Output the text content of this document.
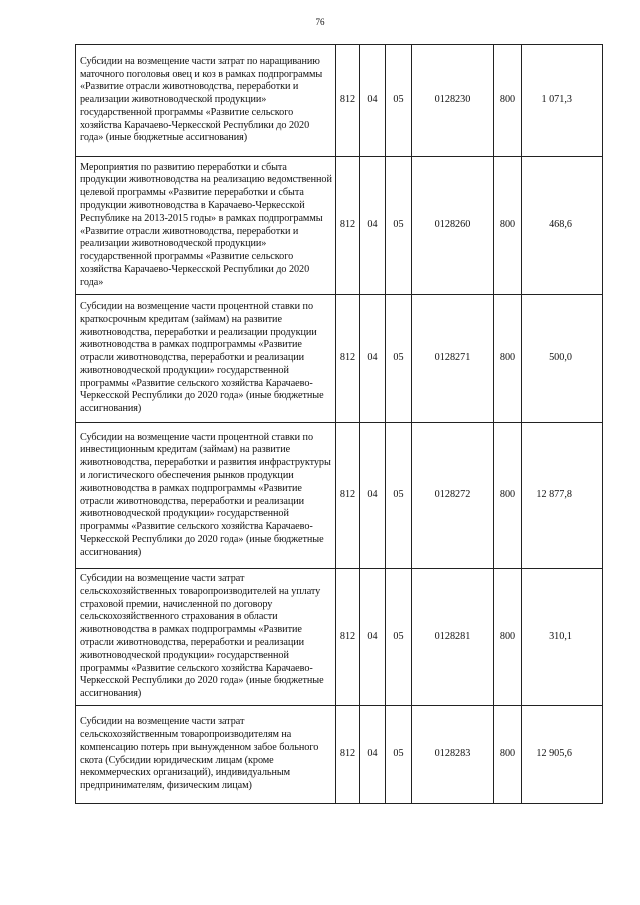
76
Субсидии на возмещение части затрат по наращиванию маточного поголовья овец и коз в рамках подпрограммы «Развитие отрасли животноводства, переработки и реализации животноводческой продукции» государственной программы «Развитие сельского хозяйства Карачаево-Черкесской Республики до 2020 года» (иные бюджетные ассигнования)	812	04	05	0128230	800	1 071,3
Мероприятия по развитию переработки и сбыта продукции животноводства на реализацию ведомственной целевой программы «Развитие переработки и сбыта продукции животноводства в Карачаево-Черкесской Республике на 2013-2015 годы» в рамках подпрограммы «Развитие отрасли животноводства, переработки и реализации животноводческой продукции» государственной программы «Развитие сельского хозяйства Карачаево-Черкесской Республики до 2020 года»	812	04	05	0128260	800	468,6
Субсидии на возмещение части процентной ставки по краткосрочным кредитам (займам) на развитие животноводства, переработки и реализации продукции животноводства в рамках подпрограммы «Развитие отрасли животноводства, переработки и реализации животноводческой продукции» государственной программы «Развитие сельского хозяйства Карачаево-Черкесской Республики до 2020 года» (иные бюджетные ассигнования)	812	04	05	0128271	800	500,0
Субсидии на возмещение части процентной ставки по инвестиционным кредитам (займам) на развитие животноводства, переработки и развития инфраструктуры и логистического обеспечения рынков продукции животноводства в рамках подпрограммы «Развитие отрасли животноводства, переработки и реализации животноводческой продукции» государственной программы «Развитие сельского хозяйства Карачаево-Черкесской Республики до 2020 года» (иные бюджетные ассигнования)	812	04	05	0128272	800	12 877,8
Субсидии на возмещение части затрат сельскохозяйственных товаропроизводителей на уплату страховой премии, начисленной по договору сельскохозяйственного страхования в области животноводства в рамках подпрограммы «Развитие отрасли животноводства, переработки и реализации животноводческой продукции» государственной программы «Развитие сельского хозяйства Карачаево-Черкесской Республики до 2020 года» (иные бюджетные ассигнования)	812	04	05	0128281	800	310,1
Субсидии на возмещение части затрат сельскохозяйственным товаропроизводителям на компенсацию потерь при вынужденном забое больного скота (Субсидии юридическим лицам (кроме некоммерческих организаций), индивидуальным предпринимателям, физическим лицам)	812	04	05	0128283	800	12 905,6
